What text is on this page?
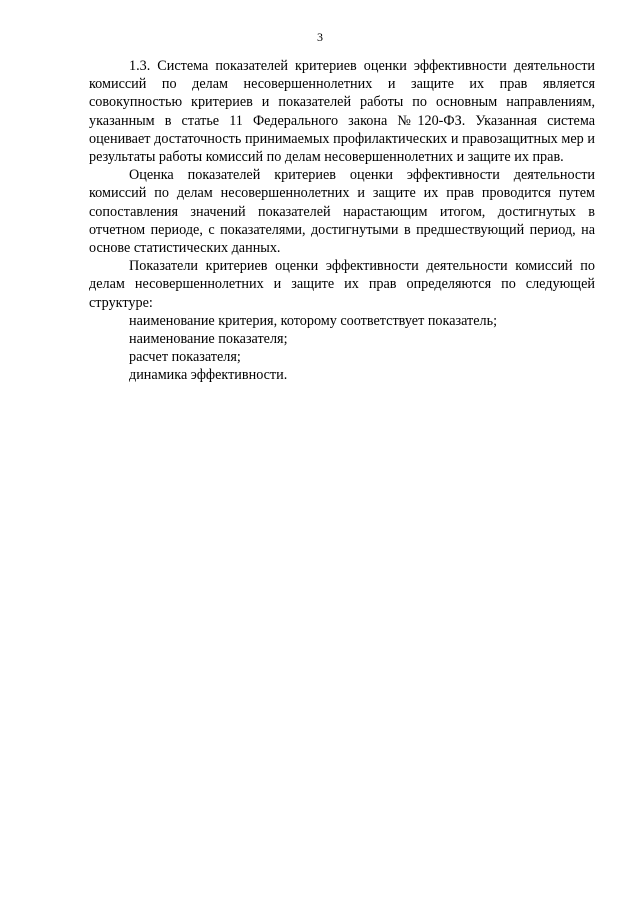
3

1.3. Система показателей критериев оценки эффективности деятельности комиссий по делам несовершеннолетних и защите их прав является совокупностью критериев и показателей работы по основным направлениям, указанным в статье 11 Федерального закона №120-ФЗ. Указанная система оценивает достаточность принимаемых профилактических и правозащитных мер и результаты работы комиссий по делам несовершеннолетних и защите их прав.

Оценка показателей критериев оценки эффективности деятельности комиссий по делам несовершеннолетних и защите их прав проводится путем сопоставления значений показателей нарастающим итогом, достигнутых в отчетном периоде, с показателями, достигнутыми в предшествующий период, на основе статистических данных.

Показатели критериев оценки эффективности деятельности комиссий по делам несовершеннолетних и защите их прав определяются по следующей структуре:

наименование критерия, которому соответствует показатель;

наименование показателя;

расчет показателя;

динамика эффективности.
